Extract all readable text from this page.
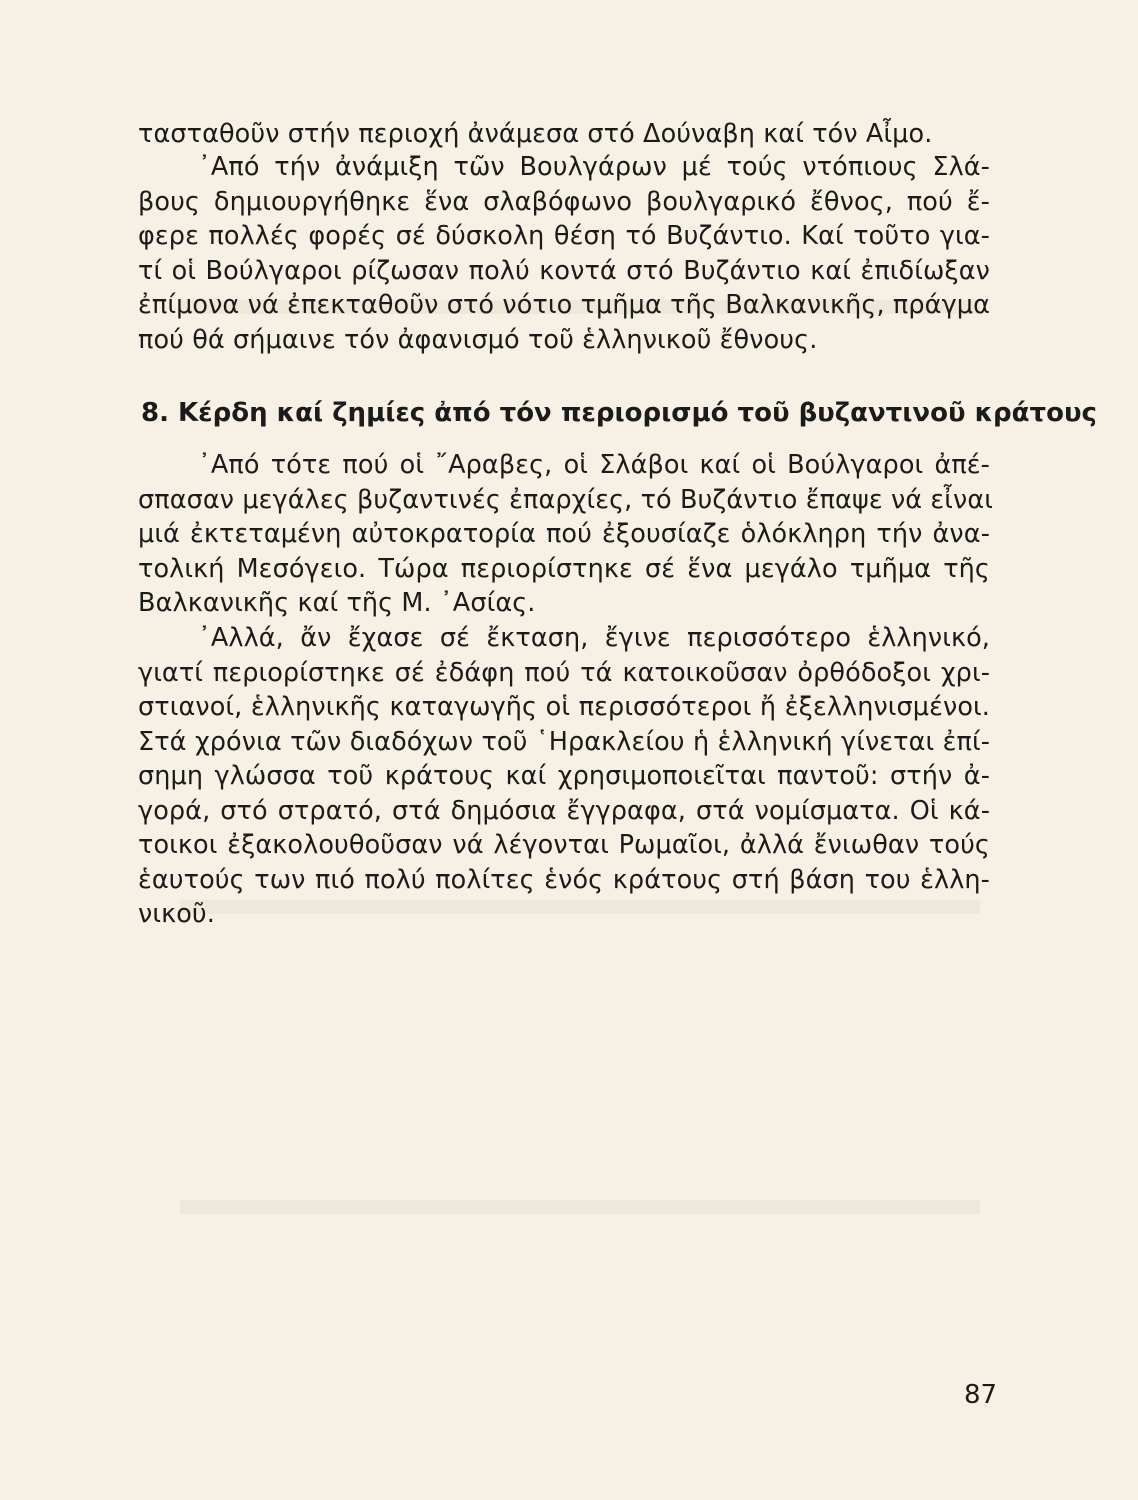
τασταθοῦν στήν περιοχή ἀνάμεσα στό Δούναβη καί τόν Αἶμο.
᾽Από τήν ἀνάμιξη τῶν Βουλγάρων μέ τούς ντόπιους Σλά-
βους δημιουργήθηκε ἕνα σλαβόφωνο βουλγαρικό ἔθνος, πού ἔ-
φερε πολλές φορές σέ δύσκολη θέση τό Βυζάντιο. Καί τοῦτο για-
τί οἱ Βούλγαροι ρίζωσαν πολύ κοντά στό Βυζάντιο καί ἐπιδίωξαν
ἐπίμονα νά ἐπεκταθοῦν στό νότιο τμῆμα τῆς Βαλκανικῆς, πράγμα
πού θά σήμαινε τόν ἀφανισμό τοῦ ἑλληνικοῦ ἔθνους.
8. Κέρδη καί ζημίες ἀπό τόν περιορισμό τοῦ βυζαντινοῦ κράτους
᾽Από τότε πού οἱ ῎Αραβες, οἱ Σλάβοι καί οἱ Βούλγαροι ἀπέ-
σπασαν μεγάλες βυζαντινές ἐπαρχίες, τό Βυζάντιο ἔπαψε νά εἶναι
μιά ἐκτεταμένη αὐτοκρατορία πού ἐξουσίαζε ὁλόκληρη τήν ἀνα-
τολική Μεσόγειο. Τώρα περιορίστηκε σέ ἕνα μεγάλο τμῆμα τῆς
Βαλκανικῆς καί τῆς Μ. ᾽Ασίας.
᾽Αλλά, ἄν ἔχασε σέ ἔκταση, ἔγινε περισσότερο ἑλληνικό,
γιατί περιορίστηκε σέ ἐδάφη πού τά κατοικοῦσαν ὀρθόδοξοι χρι-
στιανοί, ἑλληνικῆς καταγωγῆς οἱ περισσότεροι ἤ ἐξελληνισμένοι.
Στά χρόνια τῶν διαδόχων τοῦ ῾Ηρακλείου ἡ ἑλληνική γίνεται ἐπί-
σημη γλώσσα τοῦ κράτους καί χρησιμοποιεῖται παντοῦ: στήν ἀ-
γορά, στό στρατό, στά δημόσια ἔγγραφα, στά νομίσματα. Οἱ κά-
τοικοι ἐξακολουθοῦσαν νά λέγονται Ρωμαῖοι, ἀλλά ἔνιωθαν τούς
ἑαυτούς των πιό πολύ πολίτες ἑνός κράτους στή βάση του ἑλλη-
νικοῦ.
87
